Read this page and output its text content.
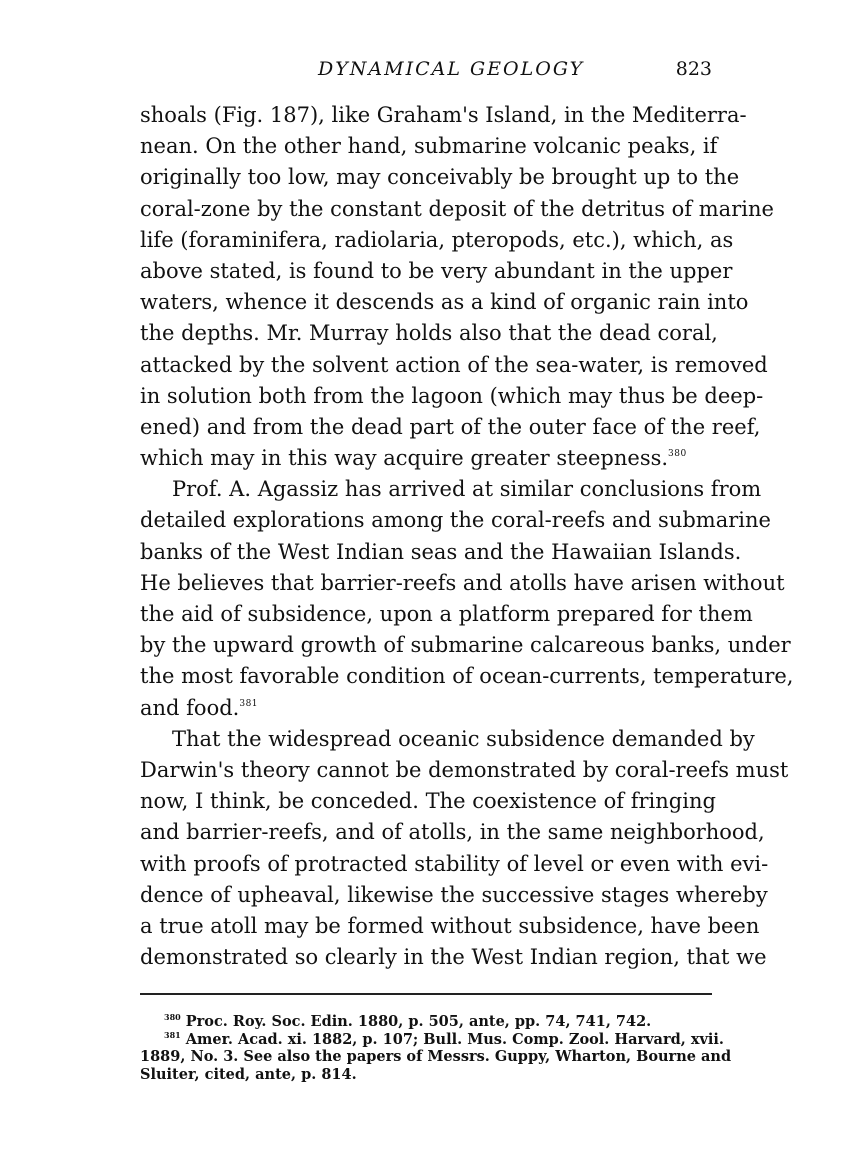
DYNAMICAL GEOLOGY	823
shoals (Fig. 187), like Graham's Island, in the Mediterra-
nean. On the other hand, submarine volcanic peaks, if
originally too low, may conceivably be brought up to the
coral-zone by the constant deposit of the detritus of marine
life (foraminifera, radiolaria, pteropods, etc.), which, as
above stated, is found to be very abundant in the upper
waters, whence it descends as a kind of organic rain into
the depths. Mr. Murray holds also that the dead coral,
attacked by the solvent action of the sea-water, is removed
in solution both from the lagoon (which may thus be deep-
ened) and from the dead part of the outer face of the reef,
which may in this way acquire greater steepness.$^{380}$
Prof. A. Agassiz has arrived at similar conclusions from
detailed explorations among the coral-reefs and submarine
banks of the West Indian seas and the Hawaiian Islands.
He believes that barrier-reefs and atolls have arisen without
the aid of subsidence, upon a platform prepared for them
by the upward growth of submarine calcareous banks, under
the most favorable condition of ocean-currents, temperature,
and food.$^{381}$
That the widespread oceanic subsidence demanded by
Darwin's theory cannot be demonstrated by coral-reefs must
now, I think, be conceded. The coexistence of fringing
and barrier-reefs, and of atolls, in the same neighborhood,
with proofs of protracted stability of level or even with evi-
dence of upheaval, likewise the successive stages whereby
a true atoll may be formed without subsidence, have been
demonstrated so clearly in the West Indian region, that we
$^{380}$ Proc. Roy. Soc. Edin. 1880, p. 505, ante, pp. 74, 741, 742.
$^{381}$ Amer. Acad. xi. 1882, p. 107; Bull. Mus. Comp. Zool. Harvard, xvii.
1889, No. 3. See also the papers of Messrs. Guppy, Wharton, Bourne and
Sluiter, cited, ante, p. 814.
